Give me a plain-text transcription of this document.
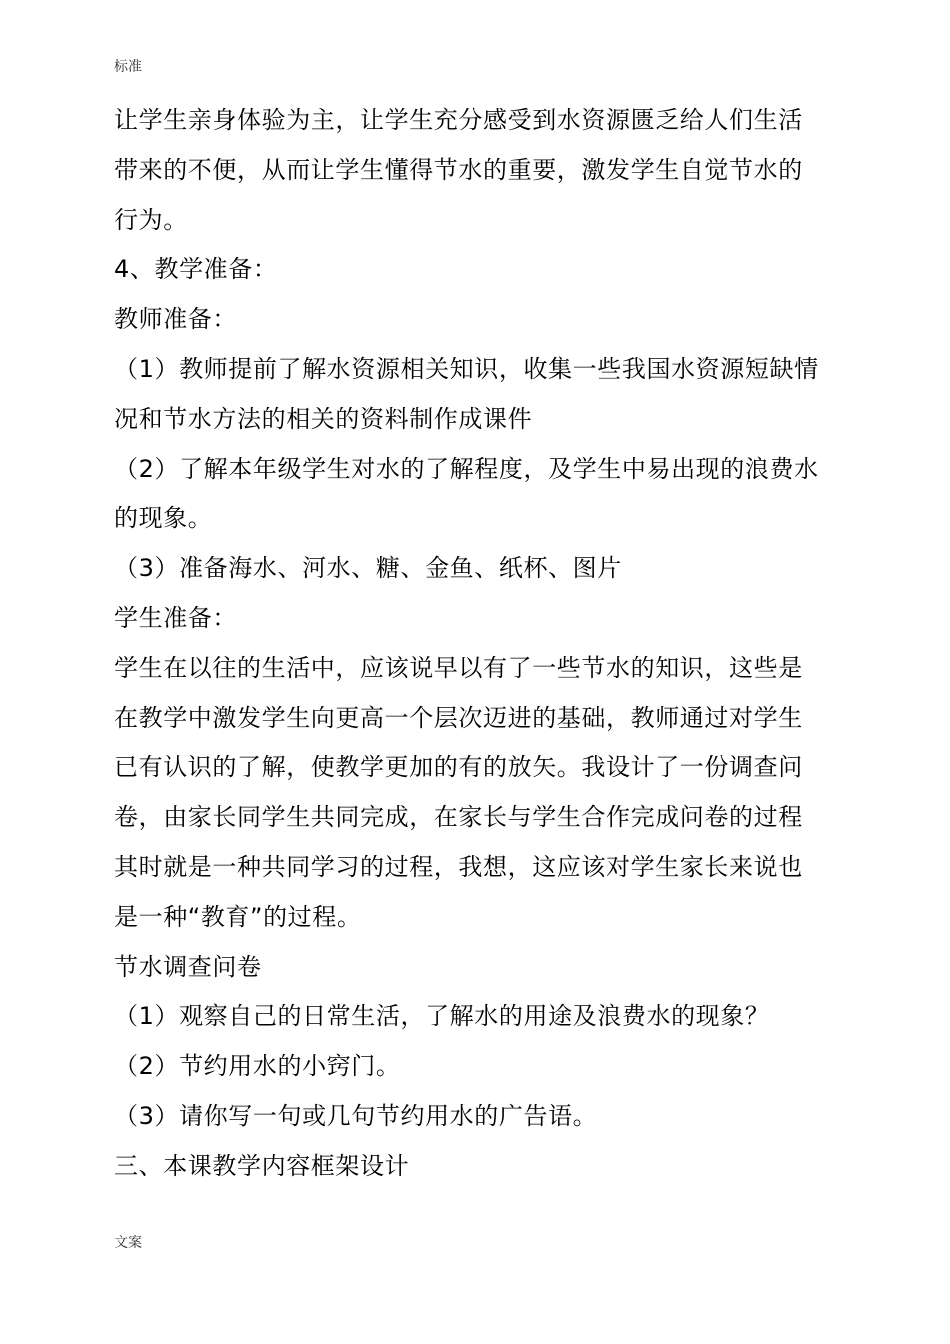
标准
让学生亲身体验为主，让学生充分感受到水资源匮乏给人们生活
带来的不便，从而让学生懂得节水的重要，激发学生自觉节水的
行为。
4、教学准备：
教师准备：
（1）教师提前了解水资源相关知识，收集一些我国水资源短缺情
况和节水方法的相关的资料制作成课件
（2）了解本年级学生对水的了解程度，及学生中易出现的浪费水
的现象。
（3）准备海水、河水、糖、金鱼、纸杯、图片
学生准备：
学生在以往的生活中，应该说早以有了一些节水的知识，这些是
在教学中激发学生向更高一个层次迈进的基础，教师通过对学生
已有认识的了解，使教学更加的有的放矢。我设计了一份调查问
卷，由家长同学生共同完成，在家长与学生合作完成问卷的过程
其时就是一种共同学习的过程，我想，这应该对学生家长来说也
是一种“教育”的过程。
节水调查问卷
（1）观察自己的日常生活，了解水的用途及浪费水的现象？
（2）节约用水的小窍门。
（3）请你写一句或几句节约用水的广告语。
三、本课教学内容框架设计
文案
